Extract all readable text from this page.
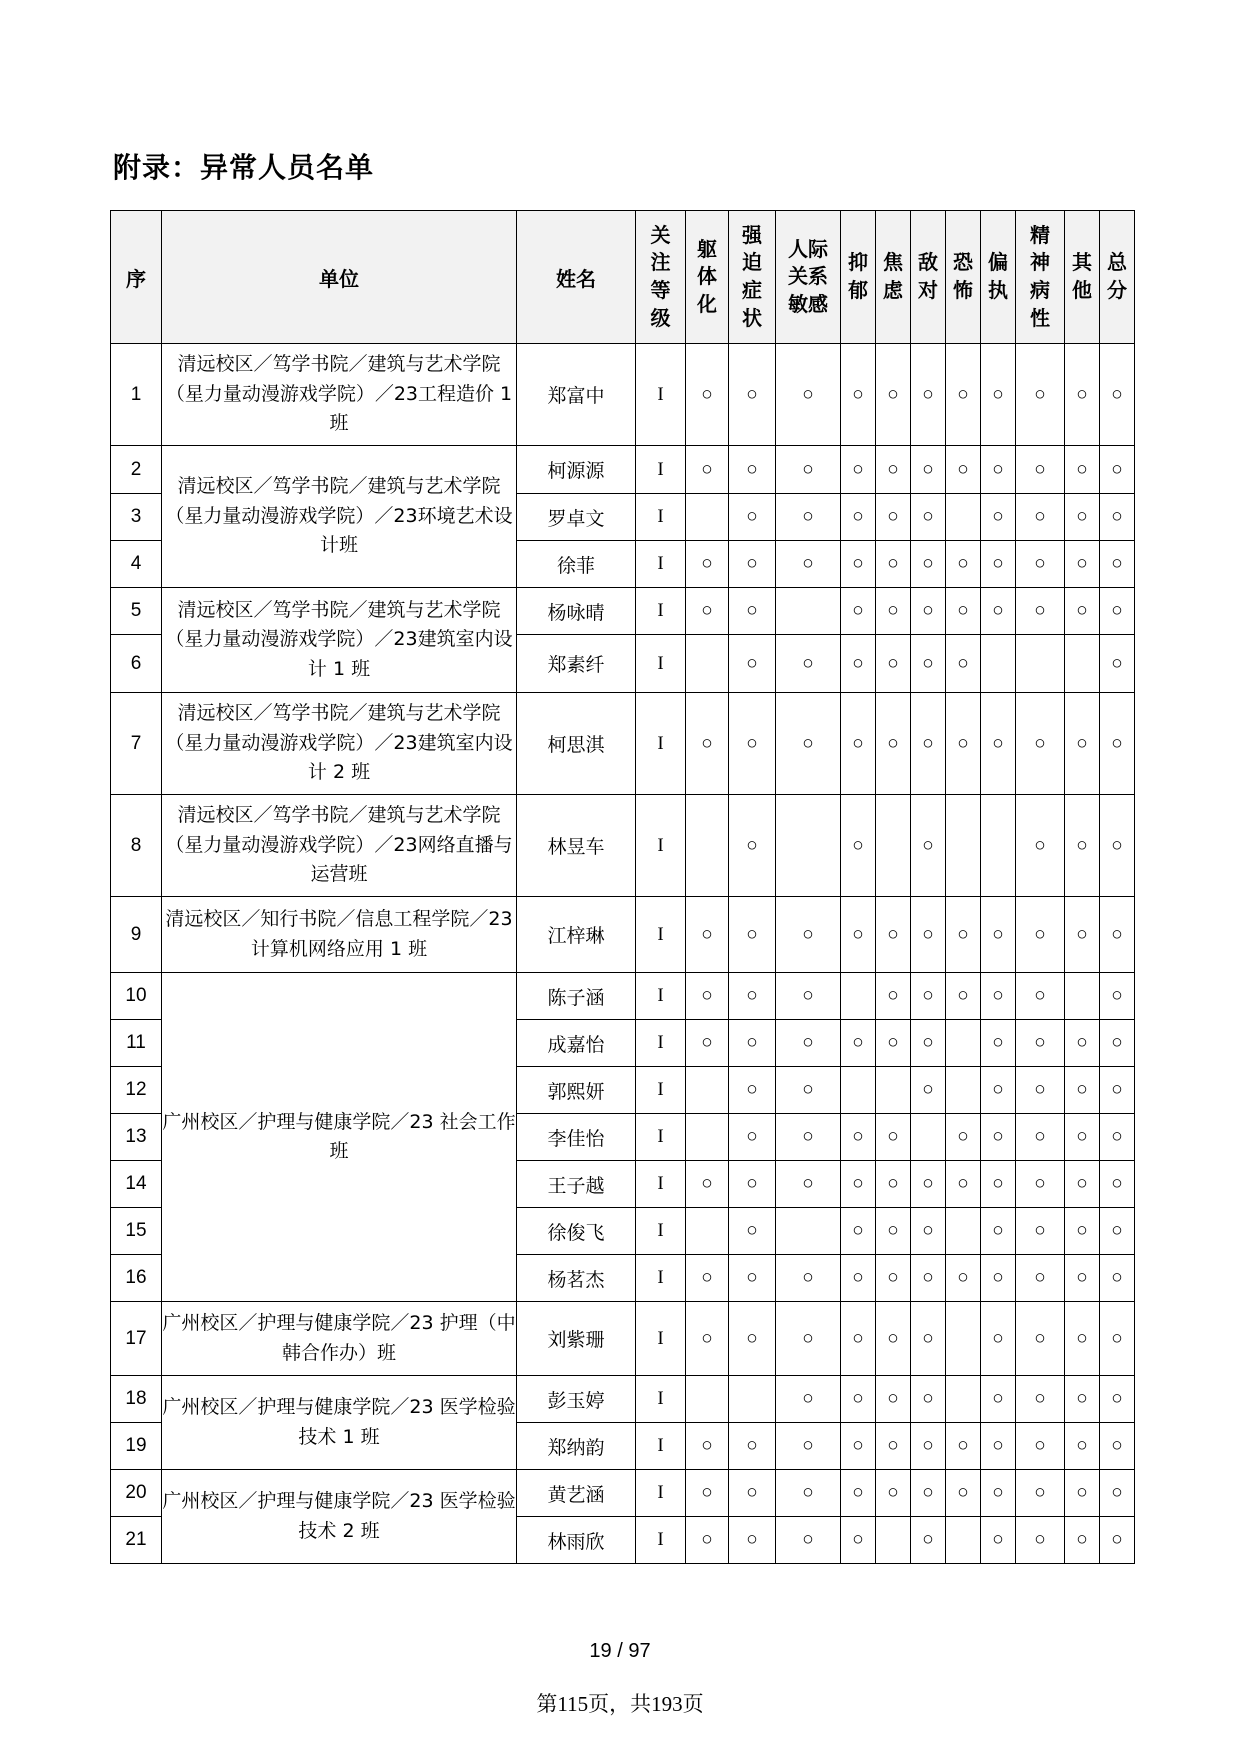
附录：异常人员名单
序	单位	姓名	关注等级	躯体化	强迫症状	人际关系敏感	抑郁	焦虑	敌对	恐怖	偏执	精神病性	其他	总分
1	清远校区／笃学书院／建筑与艺术学院（星力量动漫游戏学院）／23工程造价 1 班	郑富中	I	○	○	○	○	○	○	○	○	○	○	○
2	清远校区／笃学书院／建筑与艺术学院（星力量动漫游戏学院）／23环境艺术设计班	柯源源	I	○	○	○	○	○	○	○	○	○	○	○
3		罗卓文	I		○	○	○	○	○		○	○	○	○
4		徐菲	I	○	○	○	○	○	○	○	○	○	○	○
5	清远校区／笃学书院／建筑与艺术学院（星力量动漫游戏学院）／23建筑室内设计 1 班	杨咏晴	I	○	○		○	○	○	○	○	○	○	○
6		郑素纤	I		○	○	○	○	○	○				○
7	清远校区／笃学书院／建筑与艺术学院（星力量动漫游戏学院）／23建筑室内设计 2 班	柯思淇	I	○	○	○	○	○	○	○	○	○	○	○
8	清远校区／笃学书院／建筑与艺术学院（星力量动漫游戏学院）／23网络直播与运营班	林昱车	I		○		○		○			○	○	○
9	清远校区／知行书院／信息工程学院／23 计算机网络应用 1 班	江梓琳	I	○	○	○	○	○	○	○	○	○	○	○
10	广州校区／护理与健康学院／23 社会工作班	陈子涵	I	○	○	○		○	○	○	○	○		○
11		成嘉怡	I	○	○	○	○	○	○		○	○	○	○
12		郭熙妍	I		○	○			○		○	○	○	○
13		李佳怡	I		○	○	○	○		○	○	○	○	○
14		王子越	I	○	○	○	○	○	○	○	○	○	○	○
15		徐俊飞	I		○		○	○	○		○	○	○	○
16		杨茗杰	I	○	○	○	○	○	○	○	○	○	○	○
17	广州校区／护理与健康学院／23 护理（中韩合作办）班	刘紫珊	I	○	○	○	○	○	○		○	○	○	○
18	广州校区／护理与健康学院／23 医学检验技术 1 班	彭玉婷	I			○	○	○	○		○	○	○	○
19		郑纳韵	I	○	○	○	○	○	○	○	○	○	○	○
20	广州校区／护理与健康学院／23 医学检验技术 2 班	黄艺涵	I	○	○	○	○	○	○	○	○	○	○	○
21		林雨欣	I	○	○	○	○		○		○	○	○	○
19 / 97
第115页，共193页
